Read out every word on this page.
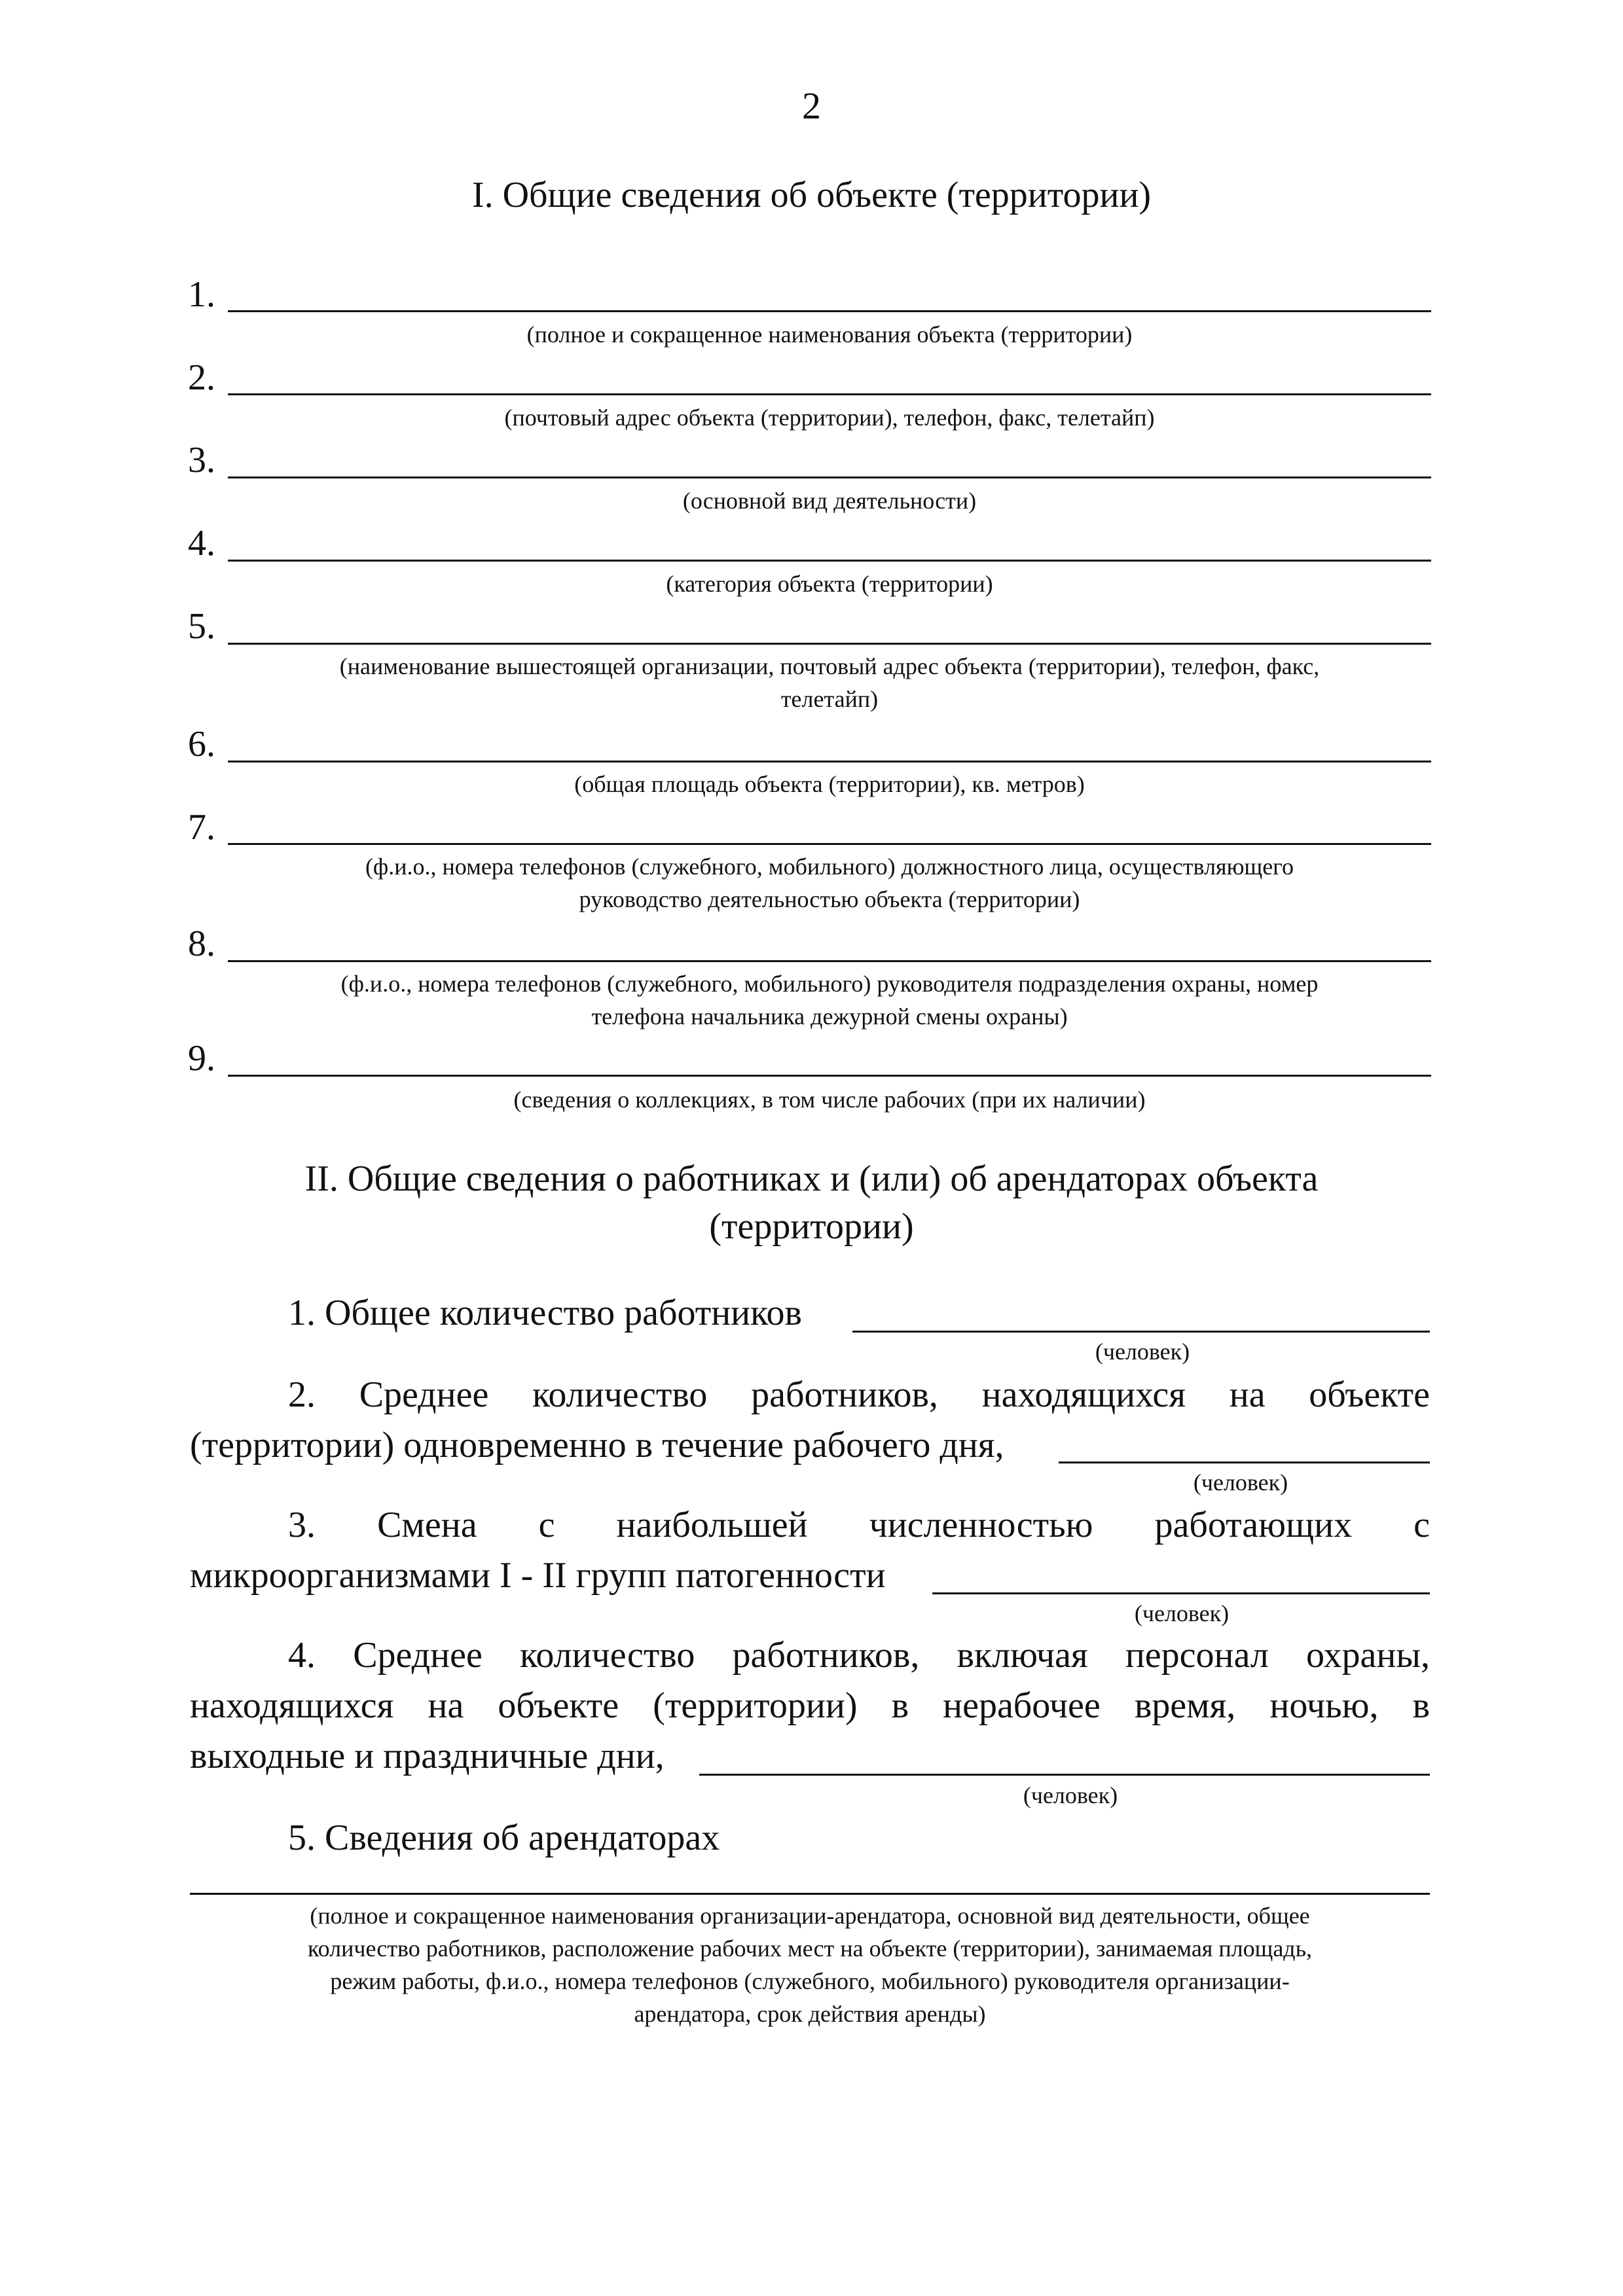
2
I. Общие сведения об объекте (территории)
1.
(полное и сокращенное наименования объекта (территории)
2.
(почтовый адрес объекта (территории), телефон, факс, телетайп)
3.
(основной вид деятельности)
4.
(категория объекта (территории)
5.
(наименование вышестоящей организации, почтовый адрес объекта (территории), телефон, факс,
телетайп)
6.
(общая площадь объекта (территории), кв. метров)
7.
(ф.и.о., номера телефонов (служебного, мобильного) должностного лица, осуществляющего
руководство деятельностью объекта (территории)
8.
(ф.и.о., номера телефонов (служебного, мобильного) руководителя подразделения охраны, номер
телефона начальника дежурной смены охраны)
9.
(сведения о коллекциях, в том числе рабочих (при их наличии)
II. Общие сведения о работниках и (или) об арендаторах объекта
(территории)
1. Общее количество работников
(человек)
2. Среднее количество работников, находящихся на объекте
(территории) одновременно в течение рабочего дня,
(человек)
3. Смена с наибольшей численностью работающих с
микроорганизмами I - II групп патогенности
(человек)
4. Среднее количество работников, включая персонал охраны,
находящихся на объекте (территории) в нерабочее время, ночью, в
выходные и праздничные дни,
(человек)
5. Сведения об арендаторах
(полное и сокращенное наименования организации-арендатора, основной вид деятельности, общее
количество работников, расположение рабочих мест на объекте (территории), занимаемая площадь,
режим работы, ф.и.о., номера телефонов (служебного, мобильного) руководителя организации-
арендатора, срок действия аренды)
